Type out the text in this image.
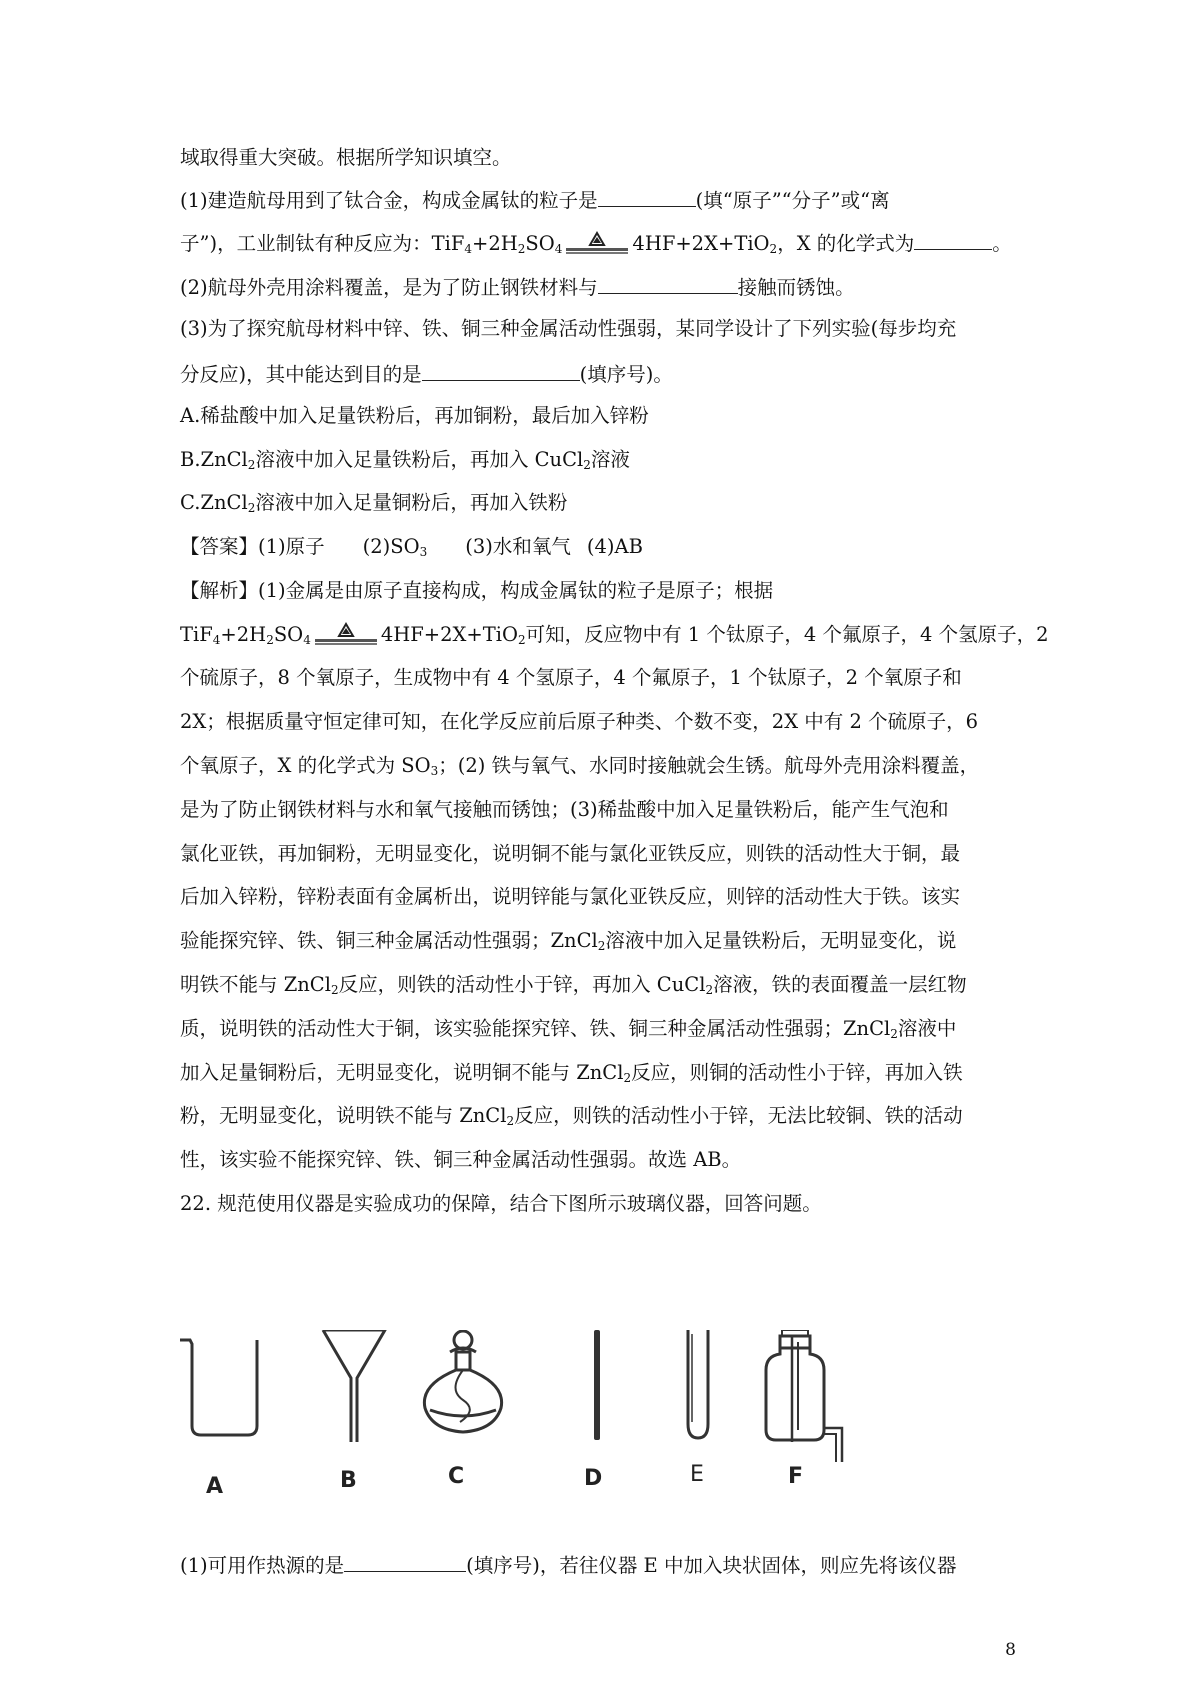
域取得重大突破。根据所学知识填空。
(1)建造航母用到了钛合金，构成金属钛的粒子是	(填“原子”“分子”或“离
子”)，工业制钛有种反应为：$TiF_4+2H_2SO_4$	4HF+2X+TiO$_2$，X 的化学式为	。
(2)航母外壳用涂料覆盖，是为了防止钢铁材料与	接触而锈蚀。
(3)为了探究航母材料中锌、铁、铜三种金属活动性强弱，某同学设计了下列实验(每步均充
分反应)，其中能达到目的是	(填序号)。
A.稀盐酸中加入足量铁粉后，再加铜粉，最后加入锌粉
B.ZnCl$_2$溶液中加入足量铁粉后，再加入 CuCl$_2$溶液
C.ZnCl$_2$溶液中加入足量铜粉后，再加入铁粉
【答案】(1)原子 $(2)SO_3$ (3)水和氧气 (4)AB
【解析】(1)金属是由原子直接构成，构成金属钛的粒子是原子；根据
$TiF_4+2H_2SO_4$	4HF+2X+TiO$_2$可知，反应物中有 1 个钛原子，4 个氟原子，4 个氢原子，2
个硫原子，8 个氧原子，生成物中有 4 个氢原子，4 个氟原子，1 个钛原子，2 个氧原子和
2X；根据质量守恒定律可知，在化学反应前后原子种类、个数不变，2X 中有 2 个硫原子，6
个氧原子，X 的化学式为 $SO_3$；(2) 铁与氧气、水同时接触就会生锈。航母外壳用涂料覆盖，
是为了防止钢铁材料与水和氧气接触而锈蚀；(3)稀盐酸中加入足量铁粉后，能产生气泡和
氯化亚铁，再加铜粉，无明显变化，说明铜不能与氯化亚铁反应，则铁的活动性大于铜，最
后加入锌粉，锌粉表面有金属析出，说明锌能与氯化亚铁反应，则锌的活动性大于铁。该实
验能探究锌、铁、铜三种金属活动性强弱；ZnCl$_2$溶液中加入足量铁粉后，无明显变化，说
明铁不能与 ZnCl$_2$反应，则铁的活动性小于锌，再加入 CuCl$_2$溶液，铁的表面覆盖一层红物
质，说明铁的活动性大于铜，该实验能探究锌、铁、铜三种金属活动性强弱；ZnCl$_2$溶液中
加入足量铜粉后，无明显变化，说明铜不能与 ZnCl$_2$反应，则铜的活动性小于锌，再加入铁
粉，无明显变化，说明铁不能与 ZnCl$_2$反应，则铁的活动性小于锌，无法比较铜、铁的活动
性，该实验不能探究锌、铁、铜三种金属活动性强弱。故选 AB。
22. 规范使用仪器是实验成功的保障，结合下图所示玻璃仪器，回答问题。
A	B	C	D	E	F
(1)可用作热源的是	(填序号)，若往仪器 E 中加入块状固体，则应先将该仪器
8
